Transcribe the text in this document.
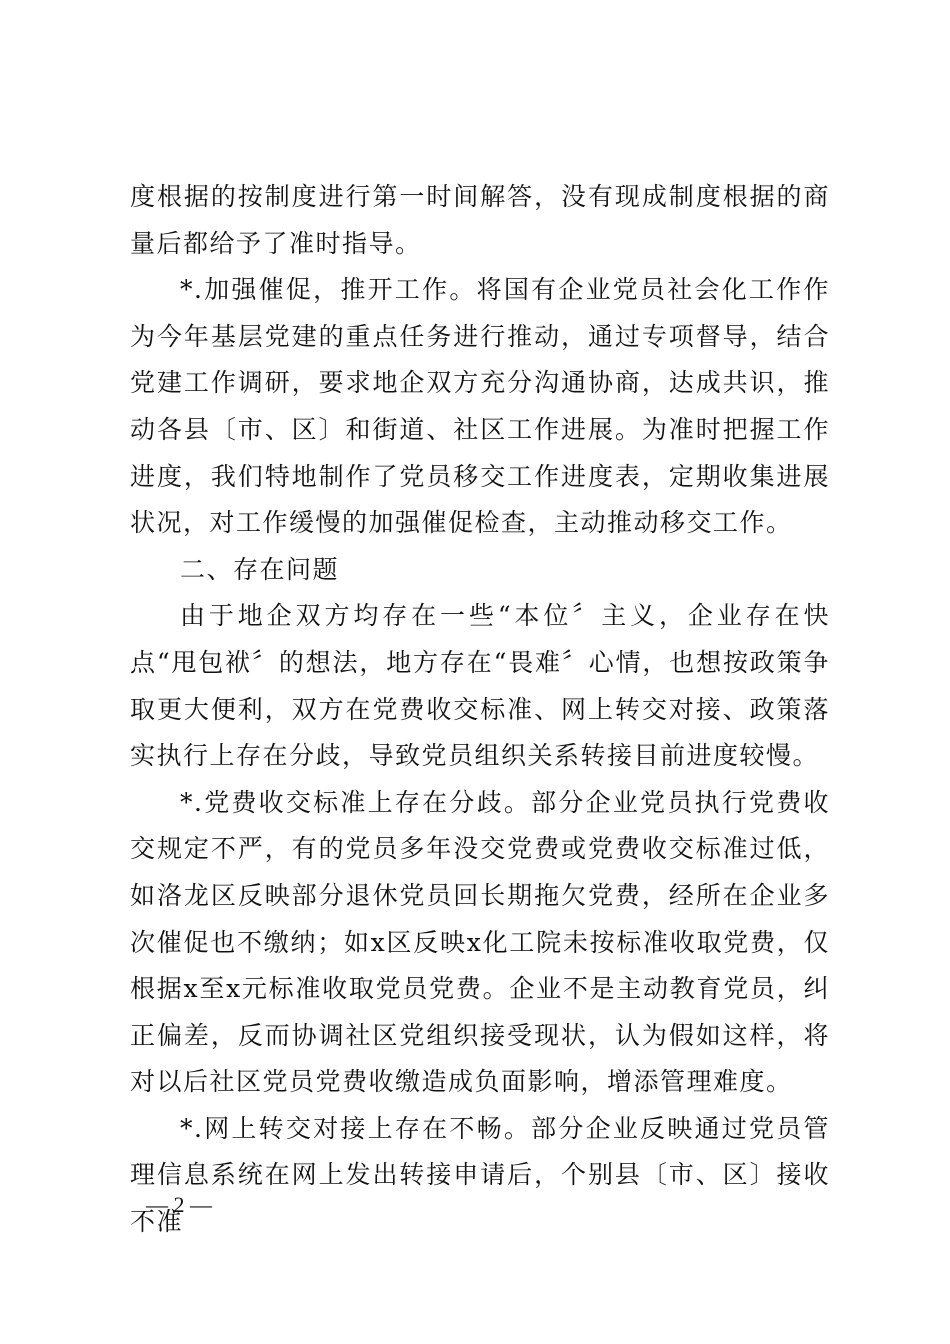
度根据的按制度进行第一时间解答，没有现成制度根据的商量后都给予了准时指导。

*.加强催促，推开工作。将国有企业党员社会化工作作为今年基层党建的重点任务进行推动，通过专项督导，结合党建工作调研，要求地企双方充分沟通协商，达成共识，推动各县〔市、区〕和街道、社区工作进展。为准时把握工作进度，我们特地制作了党员移交工作进度表，定期收集进展状况，对工作缓慢的加强催促检查，主动推动移交工作。

二、存在问题

由于地企双方均存在一些“本位〞主义，企业存在快点“甩包袱〞的想法，地方存在“畏难〞心情，也想按政策争取更大便利，双方在党费收交标准、网上转交对接、政策落实执行上存在分歧，导致党员组织关系转接目前进度较慢。

*.党费收交标准上存在分歧。部分企业党员执行党费收交规定不严，有的党员多年没交党费或党费收交标准过低，如洛龙区反映部分退休党员回长期拖欠党费，经所在企业多次催促也不缴纳；如x区反映x化工院未按标准收取党费，仅根据x至x元标准收取党员党费。企业不是主动教育党员，纠正偏差，反而协调社区党组织接受现状，认为假如这样，将对以后社区党员党费收缴造成负面影响，增添管理难度。

*.网上转交对接上存在不畅。部分企业反映通过党员管理信息系统在网上发出转接申请后，个别县〔市、区〕接收不准

— 2 —
